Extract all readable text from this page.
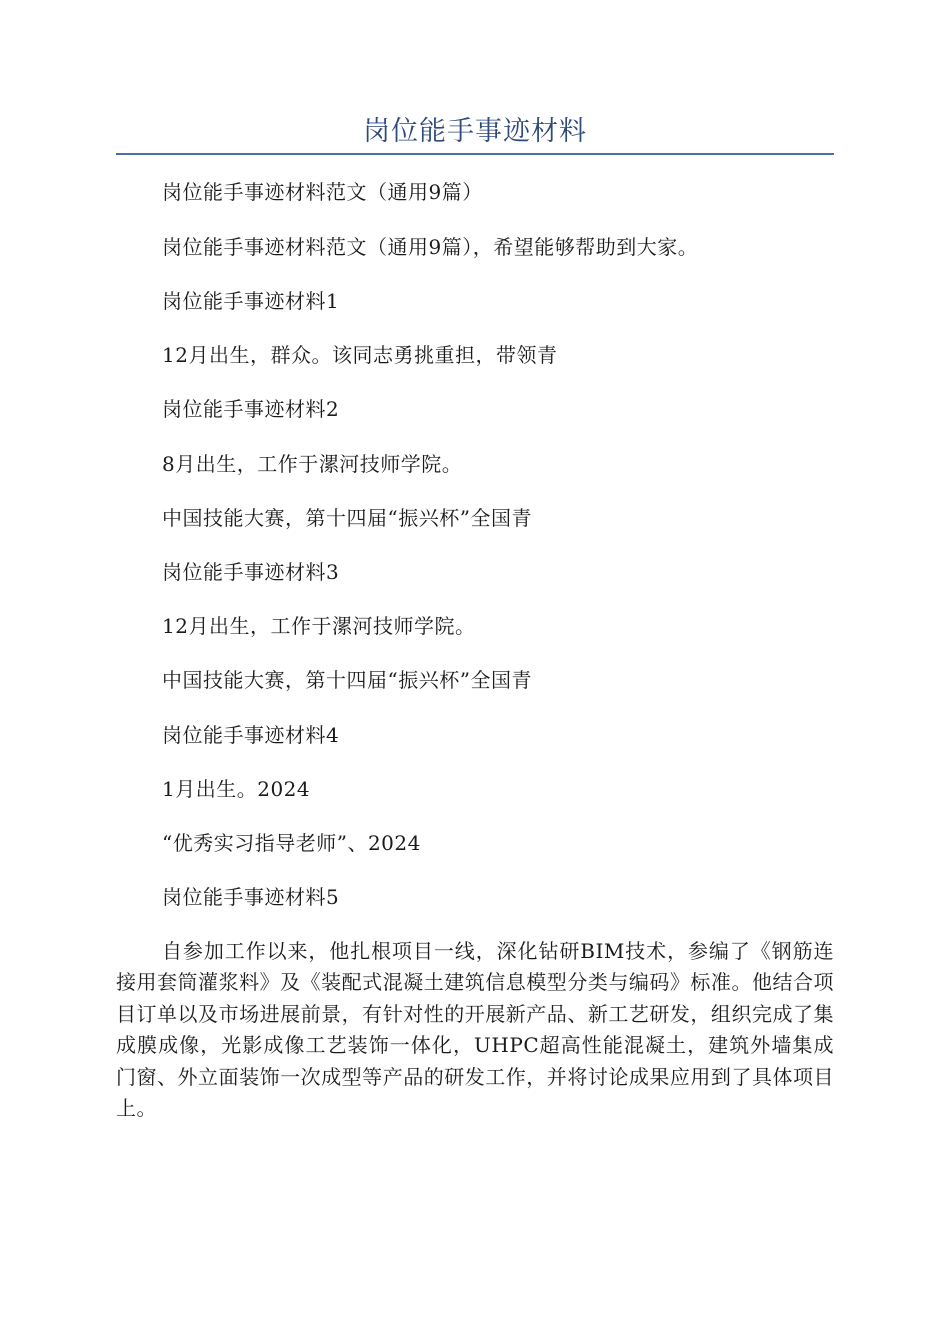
岗位能手事迹材料
岗位能手事迹材料范文（通用9篇）
岗位能手事迹材料范文（通用9篇），希望能够帮助到大家。
岗位能手事迹材料1
12月出生，群众。该同志勇挑重担，带领青
岗位能手事迹材料2
8月出生，工作于漯河技师学院。
中国技能大赛，第十四届“振兴杯”全国青
岗位能手事迹材料3
12月出生，工作于漯河技师学院。
中国技能大赛，第十四届“振兴杯”全国青
岗位能手事迹材料4
1月出生。2024
“优秀实习指导老师”、2024
岗位能手事迹材料5
自参加工作以来，他扎根项目一线，深化钻研BIM技术，参编了《钢筋连接用套筒灌浆料》及《装配式混凝土建筑信息模型分类与编码》标准。他结合项目订单以及市场进展前景，有针对性的开展新产品、新工艺研发，组织完成了集成膜成像，光影成像工艺装饰一体化，UHPC超高性能混凝土，建筑外墙集成门窗、外立面装饰一次成型等产品的研发工作，并将讨论成果应用到了具体项目上。
